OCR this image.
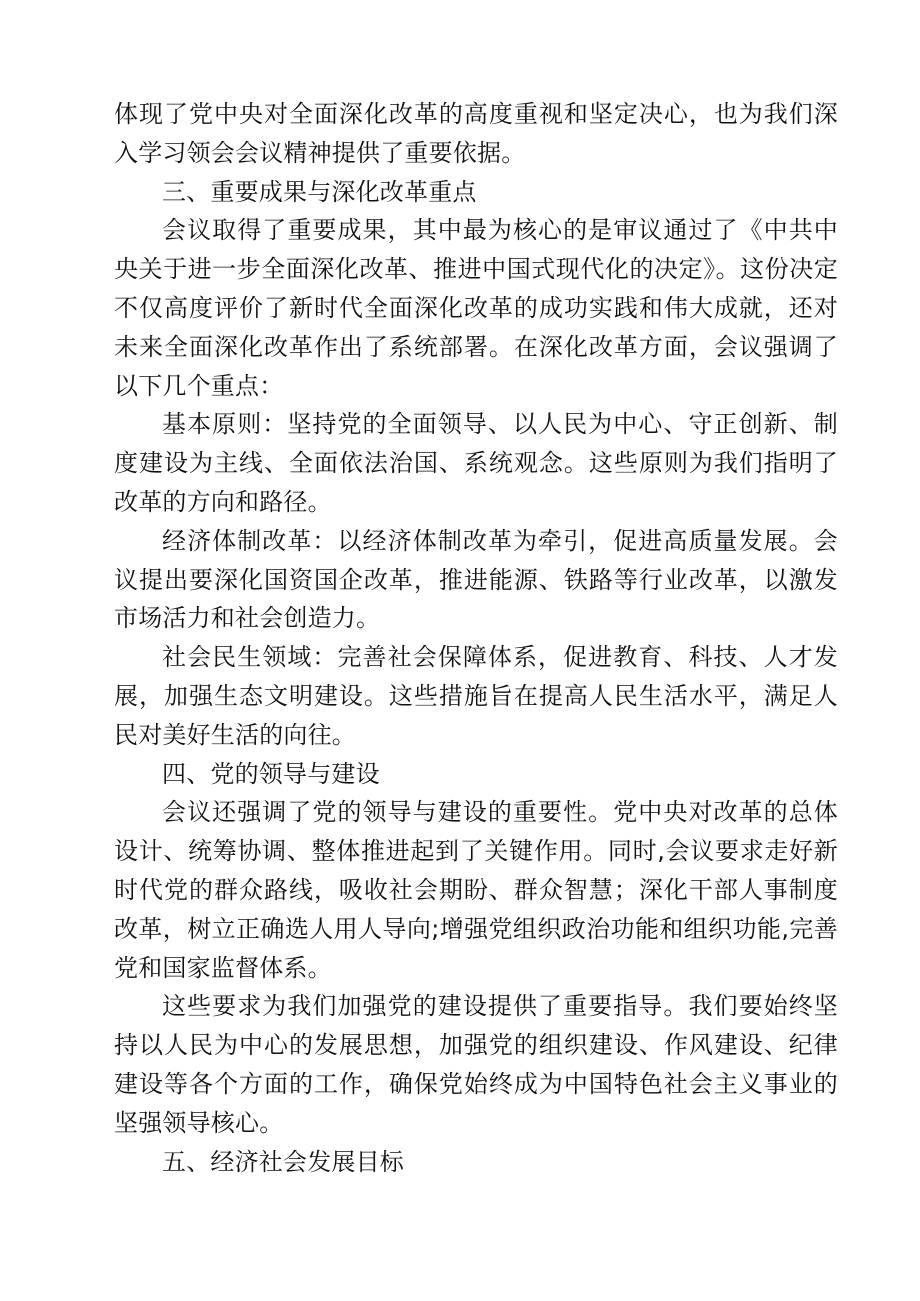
体现了党中央对全面深化改革的高度重视和坚定决心，也为我们深入学习领会会议精神提供了重要依据。

三、重要成果与深化改革重点

会议取得了重要成果，其中最为核心的是审议通过了《中共中央关于进一步全面深化改革、推进中国式现代化的决定》。这份决定不仅高度评价了新时代全面深化改革的成功实践和伟大成就，还对未来全面深化改革作出了系统部署。在深化改革方面，会议强调了以下几个重点：

基本原则：坚持党的全面领导、以人民为中心、守正创新、制度建设为主线、全面依法治国、系统观念。这些原则为我们指明了改革的方向和路径。

经济体制改革：以经济体制改革为牵引，促进高质量发展。会议提出要深化国资国企改革，推进能源、铁路等行业改革，以激发市场活力和社会创造力。

社会民生领域：完善社会保障体系，促进教育、科技、人才发展，加强生态文明建设。这些措施旨在提高人民生活水平，满足人民对美好生活的向往。

四、党的领导与建设

会议还强调了党的领导与建设的重要性。党中央对改革的总体设计、统筹协调、整体推进起到了关键作用。同时,会议要求走好新时代党的群众路线，吸收社会期盼、群众智慧；深化干部人事制度改革，树立正确选人用人导向;增强党组织政治功能和组织功能,完善党和国家监督体系。

这些要求为我们加强党的建设提供了重要指导。我们要始终坚持以人民为中心的发展思想，加强党的组织建设、作风建设、纪律建设等各个方面的工作，确保党始终成为中国特色社会主义事业的坚强领导核心。

五、经济社会发展目标
